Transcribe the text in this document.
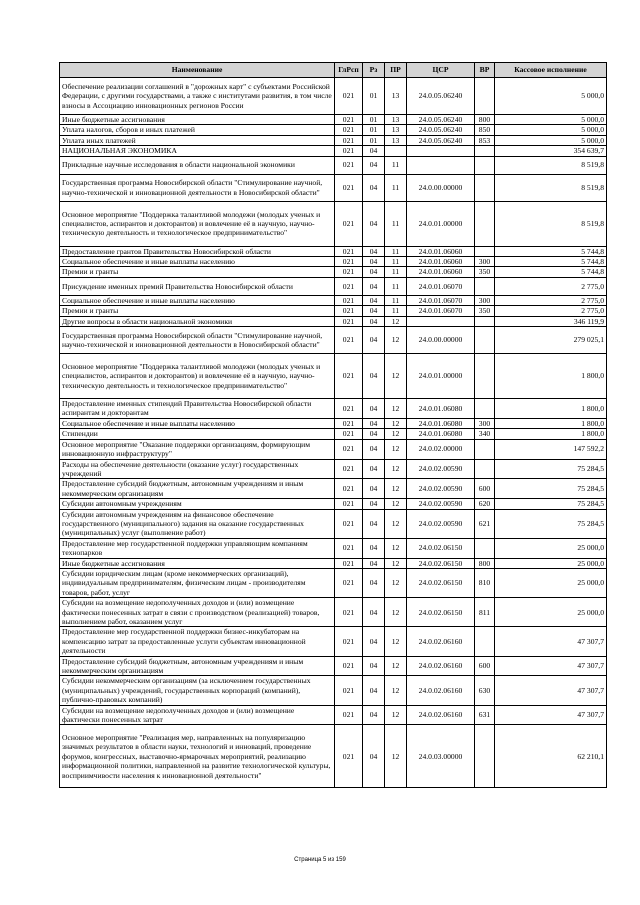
Наименование	ГлРсп	Рз	ПР	ЦСР	ВР	Кассовое исполнение
Обеспечение реализации соглашений в "дорожных карт" с субъектами Российской Федерации, с другими государствами, а также с институтами развития, в том числе взносы в Ассоциацию инновационных регионов России	021	01	13	24.0.05.06240		5 000,0
Иные бюджетные ассигнования	021	01	13	24.0.05.06240	800	5 000,0
Уплата налогов, сборов и иных платежей	021	01	13	24.0.05.06240	850	5 000,0
Уплата иных платежей	021	01	13	24.0.05.06240	853	5 000,0
НАЦИОНАЛЬНАЯ ЭКОНОМИКА	021	04				354 639,7
Прикладные научные исследования в области национальной экономики	021	04	11			8 519,8
Государственная программа Новосибирской области "Стимулирование научной, научно-технической и инновационной деятельности в Новосибирской области"	021	04	11	24.0.00.00000		8 519,8
Основное мероприятие "Поддержка талантливой молодежи (молодых ученых и специалистов, аспирантов и докторантов) и вовлечение её в научную, научно-техническую деятельность и технологическое предпринимательство"	021	04	11	24.0.01.00000		8 519,8
Предоставление грантов Правительства Новосибирской области	021	04	11	24.0.01.06060		5 744,8
Социальное обеспечение и иные выплаты населению	021	04	11	24.0.01.06060	300	5 744,8
Премии и гранты	021	04	11	24.0.01.06060	350	5 744,8
Присуждение именных премий Правительства Новосибирской области	021	04	11	24.0.01.06070		2 775,0
Социальное обеспечение и иные выплаты населению	021	04	11	24.0.01.06070	300	2 775,0
Премии и гранты	021	04	11	24.0.01.06070	350	2 775,0
Другие вопросы в области национальной экономики	021	04	12			346 119,9
Государственная программа Новосибирской области "Стимулирование научной, научно-технической и инновационной деятельности в Новосибирской области"	021	04	12	24.0.00.00000		279 025,1
Основное мероприятие "Поддержка талантливой молодежи (молодых ученых и специалистов, аспирантов и докторантов) и вовлечение её в научную, научно-техническую деятельность и технологическое предпринимательство"	021	04	12	24.0.01.00000		1 800,0
Предоставление именных стипендий Правительства Новосибирской области аспирантам и докторантам	021	04	12	24.0.01.06080		1 800,0
Социальное обеспечение и иные выплаты населению	021	04	12	24.0.01.06080	300	1 800,0
Стипендии	021	04	12	24.0.01.06080	340	1 800,0
Основное мероприятие "Оказание поддержки организациям, формирующим инновационную инфраструктуру"	021	04	12	24.0.02.00000		147 592,2
Расходы на обеспечение деятельности (оказание услуг) государственных учреждений	021	04	12	24.0.02.00590		75 284,5
Предоставление субсидий бюджетным, автономным учреждениям и иным некоммерческим организациям	021	04	12	24.0.02.00590	600	75 284,5
Субсидии автономным учреждениям	021	04	12	24.0.02.00590	620	75 284,5
Субсидии автономным учреждениям на финансовое обеспечение государственного (муниципального) задания на оказание государственных (муниципальных) услуг (выполнение работ)	021	04	12	24.0.02.00590	621	75 284,5
Предоставление мер государственной поддержки управляющим компаниям технопарков	021	04	12	24.0.02.06150		25 000,0
Иные бюджетные ассигнования	021	04	12	24.0.02.06150	800	25 000,0
Субсидии юридическим лицам (кроме некоммерческих организаций), индивидуальным предпринимателям, физическим лицам - производителям товаров, работ, услуг	021	04	12	24.0.02.06150	810	25 000,0
Субсидии на возмещение недополученных доходов и (или) возмещение фактически понесенных затрат в связи с производством (реализацией) товаров, выполнением работ, оказанием услуг	021	04	12	24.0.02.06150	811	25 000,0
Предоставление мер государственной поддержки бизнес-инкубаторам на компенсацию затрат за предоставленные услуги субъектам инновационной деятельности	021	04	12	24.0.02.06160		47 307,7
Предоставление субсидий бюджетным, автономным учреждениям и иным некоммерческим организациям	021	04	12	24.0.02.06160	600	47 307,7
Субсидии некоммерческим организациям (за исключением государственных (муниципальных) учреждений, государственных корпораций (компаний), публично-правовых компаний)	021	04	12	24.0.02.06160	630	47 307,7
Субсидии на возмещение недополученных доходов и (или) возмещение фактически понесенных затрат	021	04	12	24.0.02.06160	631	47 307,7
Основное мероприятие "Реализация мер, направленных на популяризацию значимых результатов в области науки, технологий и инноваций, проведение форумов, конгрессных, выставочно-ярмарочных мероприятий, реализацию информационной политики, направленной на развитие технологической культуры, восприимчивости населения к инновационной деятельности"	021	04	12	24.0.03.00000		62 210,1
Страница 5 из 159
